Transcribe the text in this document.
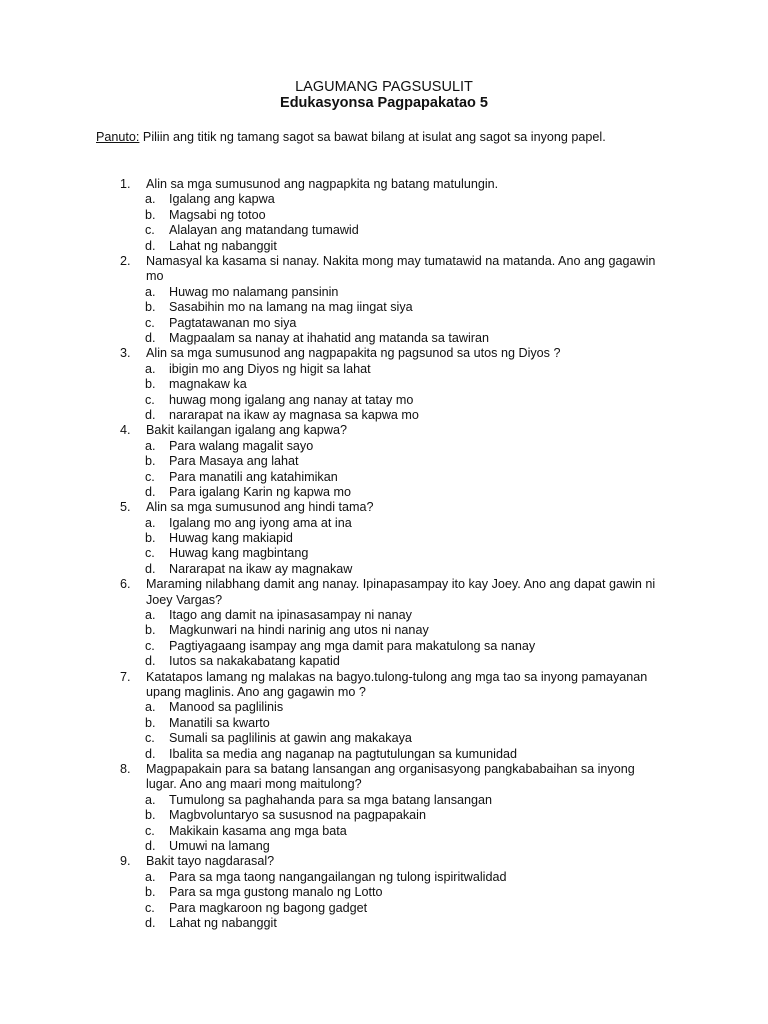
LAGUMANG PAGSUSULIT
Edukasyonsa Pagpapakatao 5
Panuto: Piliin ang titik ng tamang sagot sa bawat bilang at isulat ang sagot sa inyong papel.
1. Alin sa mga sumusunod ang nagpapkita ng batang matulungin.
a. Igalang ang kapwa
b. Magsabi ng totoo
c. Alalayan ang matandang tumawid
d. Lahat ng nabanggit
2. Namasyal ka kasama si nanay. Nakita mong may tumatawid na matanda. Ano ang gagawin mo
a. Huwag mo nalamang pansinin
b. Sasabihin mo na lamang na mag iingat siya
c. Pagtatawanan mo siya
d. Magpaalam sa nanay at ihahatid ang matanda sa tawiran
3. Alin sa mga sumusunod ang nagpapakita ng pagsunod sa utos ng Diyos ?
a. ibigin mo ang Diyos ng higit sa lahat
b. magnakaw ka
c. huwag mong igalang ang nanay at tatay mo
d. nararapat na ikaw ay magnasa sa kapwa mo
4. Bakit kailangan igalang ang kapwa?
a. Para walang magalit sayo
b. Para Masaya ang lahat
c. Para manatili ang katahimikan
d. Para igalang Karin ng kapwa mo
5. Alin sa mga sumusunod ang hindi tama?
a. Igalang mo ang iyong ama at ina
b. Huwag kang makiapid
c. Huwag kang magbintang
d. Nararapat na ikaw ay magnakaw
6. Maraming nilabhang damit ang nanay. Ipinapasampay ito kay Joey. Ano ang dapat gawin ni Joey Vargas?
a. Itago ang damit na ipinasasampay ni nanay
b. Magkunwari na hindi narinig ang utos ni nanay
c. Pagtiyagaang isampay ang mga damit para makatulong sa nanay
d. Iutos sa nakakabatang kapatid
7. Katatapos lamang ng malakas na bagyo.tulong-tulong ang mga tao sa inyong pamayanan upang maglinis. Ano ang gagawin mo ?
a. Manood sa paglilinis
b. Manatili sa kwarto
c. Sumali sa paglilinis at gawin ang makakaya
d. Ibalita sa media ang naganap na pagtutulungan sa kumunidad
8. Magpapakain para sa batang lansangan ang organisasyong pangkababaihan sa inyong lugar. Ano ang maari mong maitulong?
a. Tumulong sa paghahanda para sa mga batang lansangan
b. Magbvoluntaryo sa sususnod na pagpapakain
c. Makikain kasama ang mga bata
d. Umuwi na lamang
9. Bakit tayo nagdarasal?
a. Para sa mga taong nangangailangan ng tulong ispiritwalidad
b. Para sa mga gustong manalo ng Lotto
c. Para magkaroon ng bagong gadget
d. Lahat ng nabanggit
